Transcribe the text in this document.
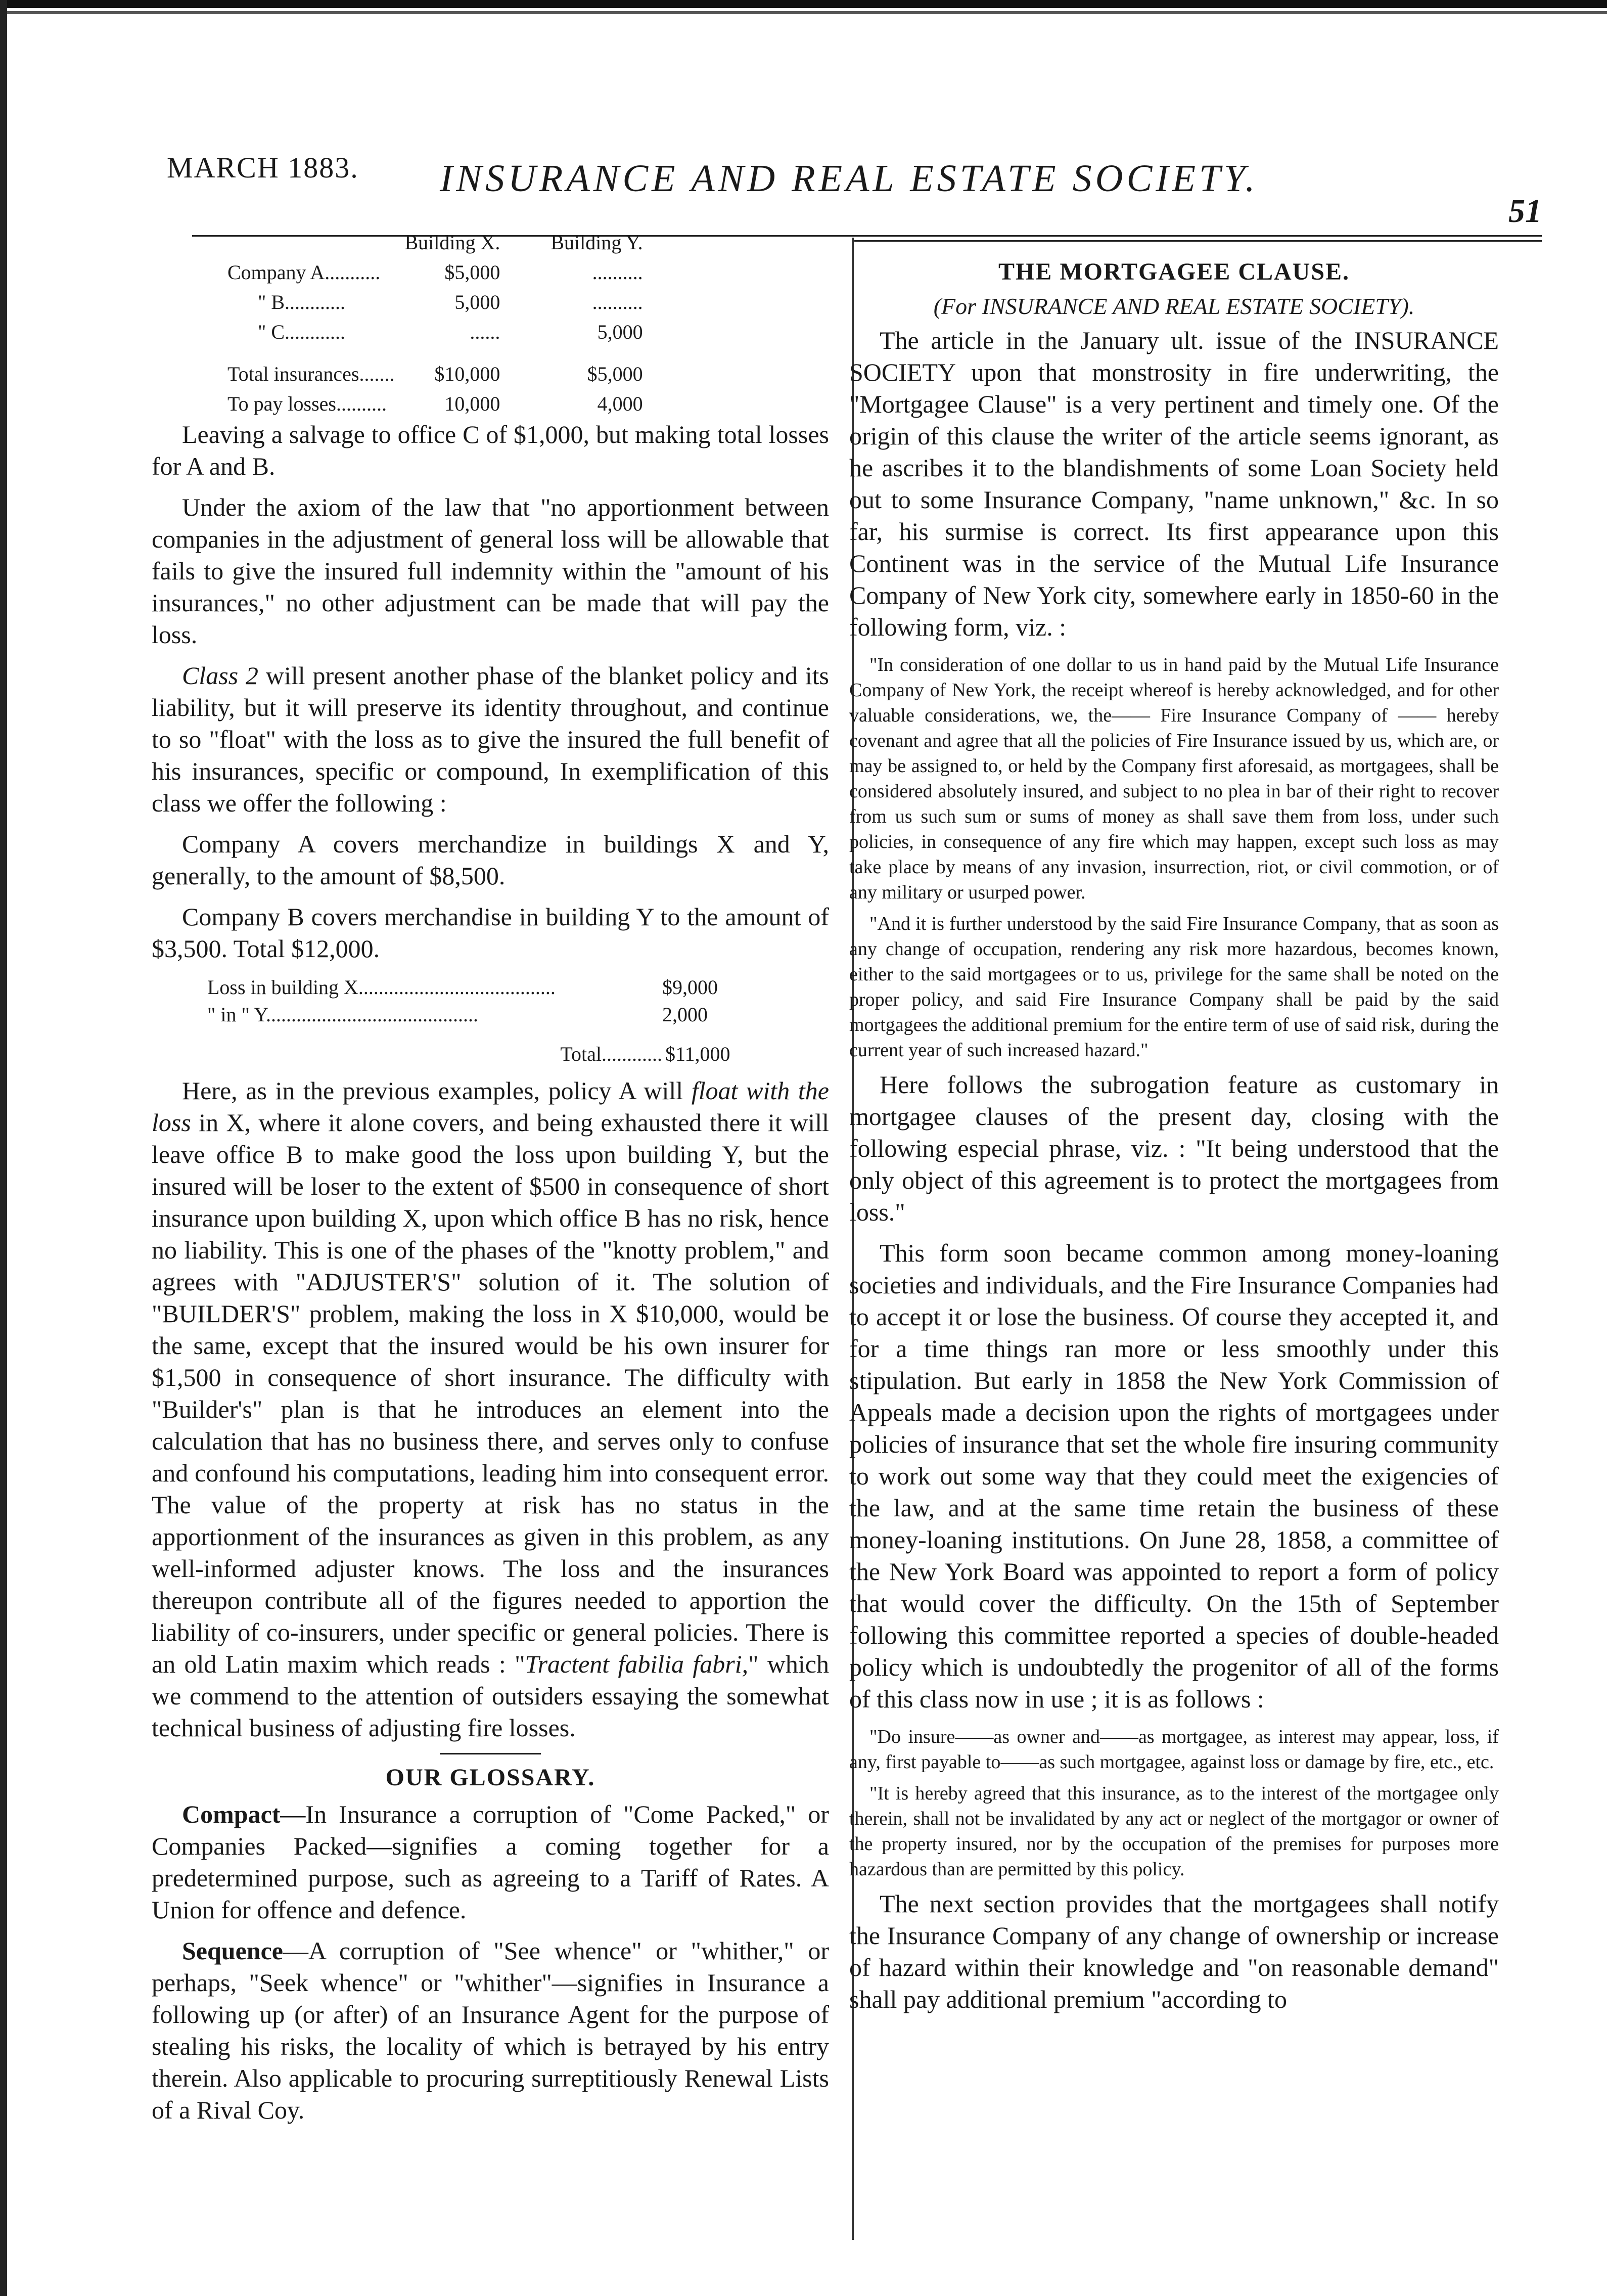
MARCH 1883. INSURANCE AND REAL ESTATE SOCIETY.
51
	Building X.	Building Y.
Company A...........	$5,000	..........
" B............	5,000	..........
" C............	......	5,000
Total insurances.......	$10,000	$5,000
To pay losses..........	10,000	4,000

Leaving a salvage to office C of $1,000, but making total losses for A and B.

Under the axiom of the law that "no apportionment between companies in the adjustment of general loss will be allowable that fails to give the insured full indemnity within the "amount of his insurances," no other adjustment can be made that will pay the loss.

Class 2 will present another phase of the blanket policy and its liability, but it will preserve its identity throughout, and continue to so "float" with the loss as to give the insured the full benefit of his insurances, specific or compound, In exemplification of this class we offer the following :

Company A covers merchandize in buildings X and Y, generally, to the amount of $8,500.

Company B covers merchandise in building Y to the amount of $3,500. Total $12,000.

Loss in building X.......................................	$9,000
" in " Y..........................................	2,000
Total............ $11,000

Here, as in the previous examples, policy A will float with the loss in X, where it alone covers, and being exhausted there it will leave office B to make good the loss upon building Y, but the insured will be loser to the extent of $500 in consequence of short insurance upon building X, upon which office B has no risk, hence no liability. This is one of the phases of the "knotty problem," and agrees with "ADJUSTER'S" solution of it. The solution of "BUILDER'S" problem, making the loss in X $10,000, would be the same, except that the insured would be his own insurer for $1,500 in consequence of short insurance. The difficulty with "Builder's" plan is that he introduces an element into the calculation that has no business there, and serves only to confuse and confound his computations, leading him into consequent error. The value of the property at risk has no status in the apportionment of the insurances as given in this problem, as any well-informed adjuster knows. The loss and the insurances thereupon contribute all of the figures needed to apportion the liability of co-insurers, under specific or general policies. There is an old Latin maxim which reads : "Tractent fabilia fabri," which we commend to the attention of outsiders essaying the somewhat technical business of adjusting fire losses.

OUR GLOSSARY.

Compact—In Insurance a corruption of "Come Packed," or Companies Packed—signifies a coming together for a predetermined purpose, such as agreeing to a Tariff of Rates. A Union for offence and defence.

Sequence—A corruption of "See whence" or "whither," or perhaps, "Seek whence" or "whither"—signifies in Insurance a following up (or after) of an Insurance Agent for the purpose of stealing his risks, the locality of which is betrayed by his entry therein. Also applicable to procuring surreptitiously Renewal Lists of a Rival Coy.

THE MORTGAGEE CLAUSE.
(For INSURANCE AND REAL ESTATE SOCIETY).

The article in the January ult. issue of the INSURANCE SOCIETY upon that monstrosity in fire underwriting, the "Mortgagee Clause" is a very pertinent and timely one. Of the origin of this clause the writer of the article seems ignorant, as he ascribes it to the blandishments of some Loan Society held out to some Insurance Company, "name unknown," &c. In so far, his surmise is correct. Its first appearance upon this Continent was in the service of the Mutual Life Insurance Company of New York city, somewhere early in 1850-60 in the following form, viz. :

"In consideration of one dollar to us in hand paid by the Mutual Life Insurance Company of New York, the receipt whereof is hereby acknowledged, and for other valuable considerations, we, the—— Fire Insurance Company of —— hereby covenant and agree that all the policies of Fire Insurance issued by us, which are, or may be assigned to, or held by the Company first aforesaid, as mortgagees, shall be considered absolutely insured, and subject to no plea in bar of their right to recover from us such sum or sums of money as shall save them from loss, under such policies, in consequence of any fire which may happen, except such loss as may take place by means of any invasion, insurrection, riot, or civil commotion, or of any military or usurped power.

"And it is further understood by the said Fire Insurance Company, that as soon as any change of occupation, rendering any risk more hazardous, becomes known, either to the said mortgagees or to us, privilege for the same shall be noted on the proper policy, and said Fire Insurance Company shall be paid by the said mortgagees the additional premium for the entire term of use of said risk, during the current year of such increased hazard."

Here follows the subrogation feature as customary in mortgagee clauses of the present day, closing with the following especial phrase, viz. : "It being understood that the only object of this agreement is to protect the mortgagees from loss."

This form soon became common among money-loaning societies and individuals, and the Fire Insurance Companies had to accept it or lose the business. Of course they accepted it, and for a time things ran more or less smoothly under this stipulation. But early in 1858 the New York Commission of Appeals made a decision upon the rights of mortgagees under policies of insurance that set the whole fire insuring community to work out some way that they could meet the exigencies of the law, and at the same time retain the business of these money-loaning institutions. On June 28, 1858, a committee of the New York Board was appointed to report a form of policy that would cover the difficulty. On the 15th of September following this committee reported a species of double-headed policy which is undoubtedly the progenitor of all of the forms of this class now in use ; it is as follows :

"Do insure——as owner and——as mortgagee, as interest may appear, loss, if any, first payable to——as such mortgagee, against loss or damage by fire, etc., etc.

"It is hereby agreed that this insurance, as to the interest of the mortgagee only therein, shall not be invalidated by any act or neglect of the mortgagor or owner of the property insured, nor by the occupation of the premises for purposes more hazardous than are permitted by this policy.

The next section provides that the mortgagees shall notify the Insurance Company of any change of ownership or increase of hazard within their knowledge and "on reasonable demand" shall pay additional premium "according to
